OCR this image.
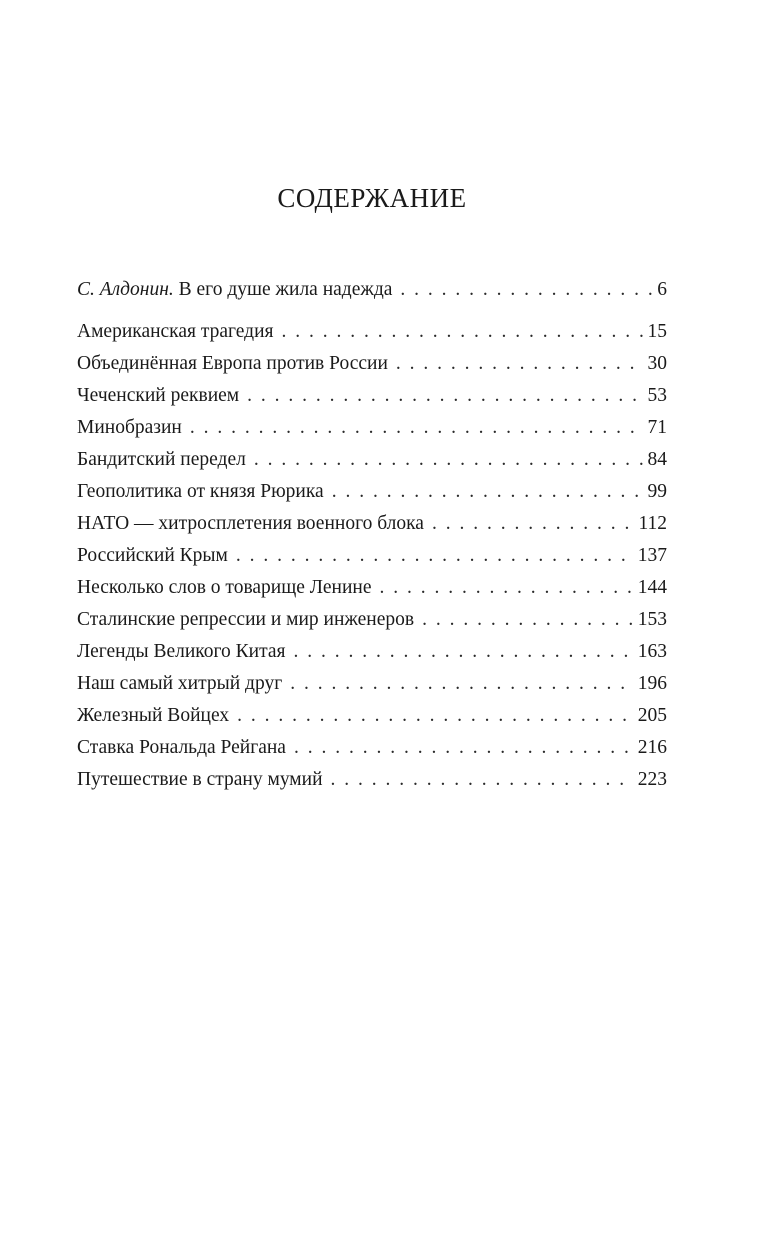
СОДЕРЖАНИЕ
С. Алдонин. В его душе жила надежда . . .	6
Американская трагедия . . .	15
Объединённая Европа против России . . .	30
Чеченский реквием . . .	53
Минобразин . . .	71
Бандитский передел . . .	84
Геополитика от князя Рюрика . . .	99
НАТО — хитросплетения военного блока . . .	112
Российский Крым . . .	137
Несколько слов о товарище Ленине . . .	144
Сталинские репрессии и мир инженеров . . .	153
Легенды Великого Китая . . .	163
Наш самый хитрый друг . . .	196
Железный Войцех . . .	205
Ставка Рональда Рейгана . . .	216
Путешествие в страну мумий . . .	223
